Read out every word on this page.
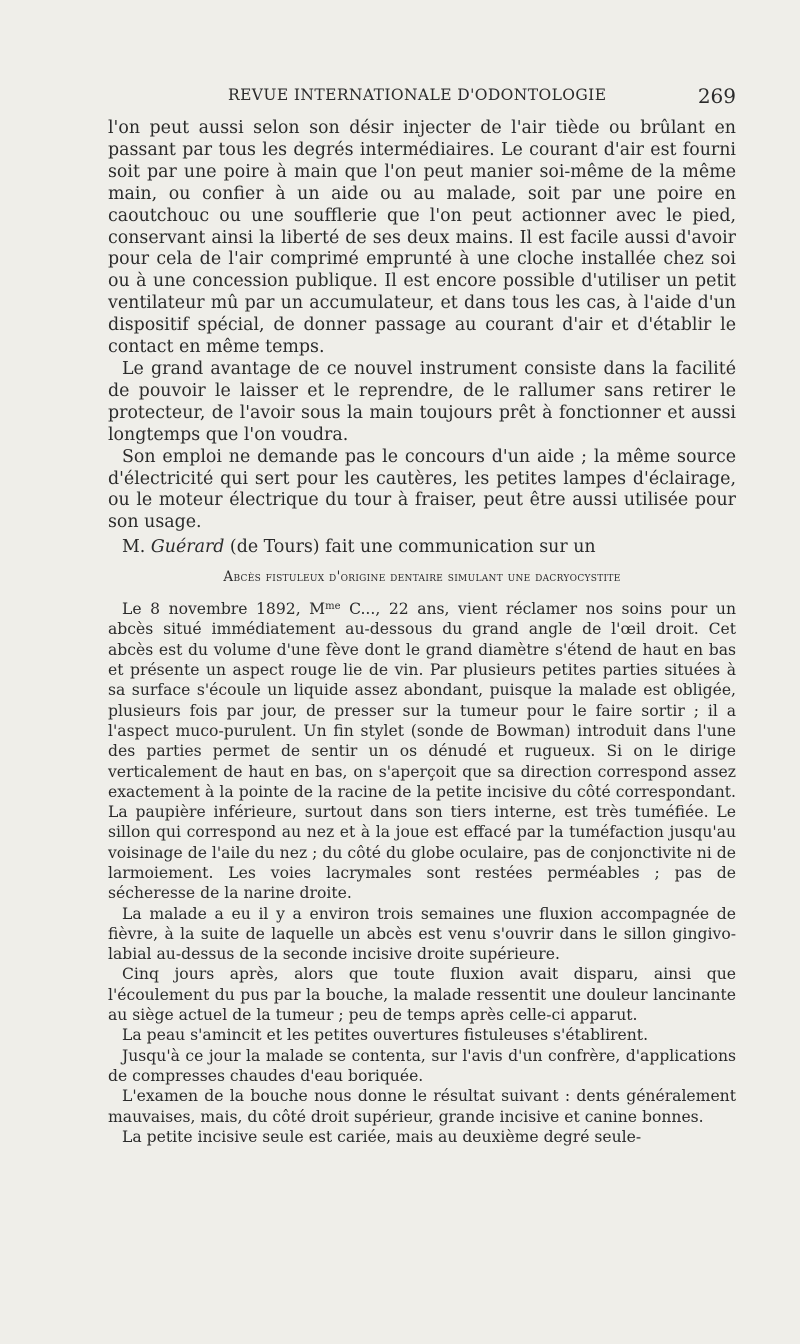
REVUE INTERNATIONALE D'ODONTOLOGIE	269

l'on peut aussi selon son désir injecter de l'air tiède ou brûlant en passant par tous les degrés intermédiaires. Le courant d'air est fourni soit par une poire à main que l'on peut manier soi-même de la même main, ou confier à un aide ou au malade, soit par une poire en caoutchouc ou une soufflerie que l'on peut actionner avec le pied, conservant ainsi la liberté de ses deux mains. Il est facile aussi d'avoir pour cela de l'air comprimé emprunté à une cloche installée chez soi ou à une concession publique. Il est encore possible d'utiliser un petit ventilateur mû par un accumulateur, et dans tous les cas, à l'aide d'un dispositif spécial, de donner passage au courant d'air et d'établir le contact en même temps.

Le grand avantage de ce nouvel instrument consiste dans la facilité de pouvoir le laisser et le reprendre, de le rallumer sans retirer le protecteur, de l'avoir sous la main toujours prêt à fonctionner et aussi longtemps que l'on voudra.

Son emploi ne demande pas le concours d'un aide ; la même source d'électricité qui sert pour les cautères, les petites lampes d'éclairage, ou le moteur électrique du tour à fraiser, peut être aussi utilisée pour son usage.

M. Guérard (de Tours) fait une communication sur un

Abcès fistuleux d'origine dentaire simulant une dacryocystite

Le 8 novembre 1892, $M^{me}$ C..., 22 ans, vient réclamer nos soins pour un abcès situé immédiatement au-dessous du grand angle de l'œil droit. Cet abcès est du volume d'une fève dont le grand diamètre s'étend de haut en bas et présente un aspect rouge lie de vin. Par plusieurs petites parties situées à sa surface s'écoule un liquide assez abondant, puisque la malade est obligée, plusieurs fois par jour, de presser sur la tumeur pour le faire sortir ; il a l'aspect muco-purulent. Un fin stylet (sonde de Bowman) introduit dans l'une des parties permet de sentir un os dénudé et rugueux. Si on le dirige verticalement de haut en bas, on s'aperçoit que sa direction correspond assez exactement à la pointe de la racine de la petite incisive du côté correspondant. La paupière inférieure, surtout dans son tiers interne, est très tuméfiée. Le sillon qui correspond au nez et à la joue est effacé par la tuméfaction jusqu'au voisinage de l'aile du nez ; du côté du globe oculaire, pas de conjonctivite ni de larmoiement. Les voies lacrymales sont restées perméables ; pas de sécheresse de la narine droite.

La malade a eu il y a environ trois semaines une fluxion accompagnée de fièvre, à la suite de laquelle un abcès est venu s'ouvrir dans le sillon gingivo-labial au-dessus de la seconde incisive droite supérieure.

Cinq jours après, alors que toute fluxion avait disparu, ainsi que l'écoulement du pus par la bouche, la malade ressentit une douleur lancinante au siège actuel de la tumeur ; peu de temps après celle-ci apparut.

La peau s'amincit et les petites ouvertures fistuleuses s'établirent.

Jusqu'à ce jour la malade se contenta, sur l'avis d'un confrère, d'applications de compresses chaudes d'eau boriquée.

L'examen de la bouche nous donne le résultat suivant : dents généralement mauvaises, mais, du côté droit supérieur, grande incisive et canine bonnes.

La petite incisive seule est cariée, mais au deuxième degré seule-
